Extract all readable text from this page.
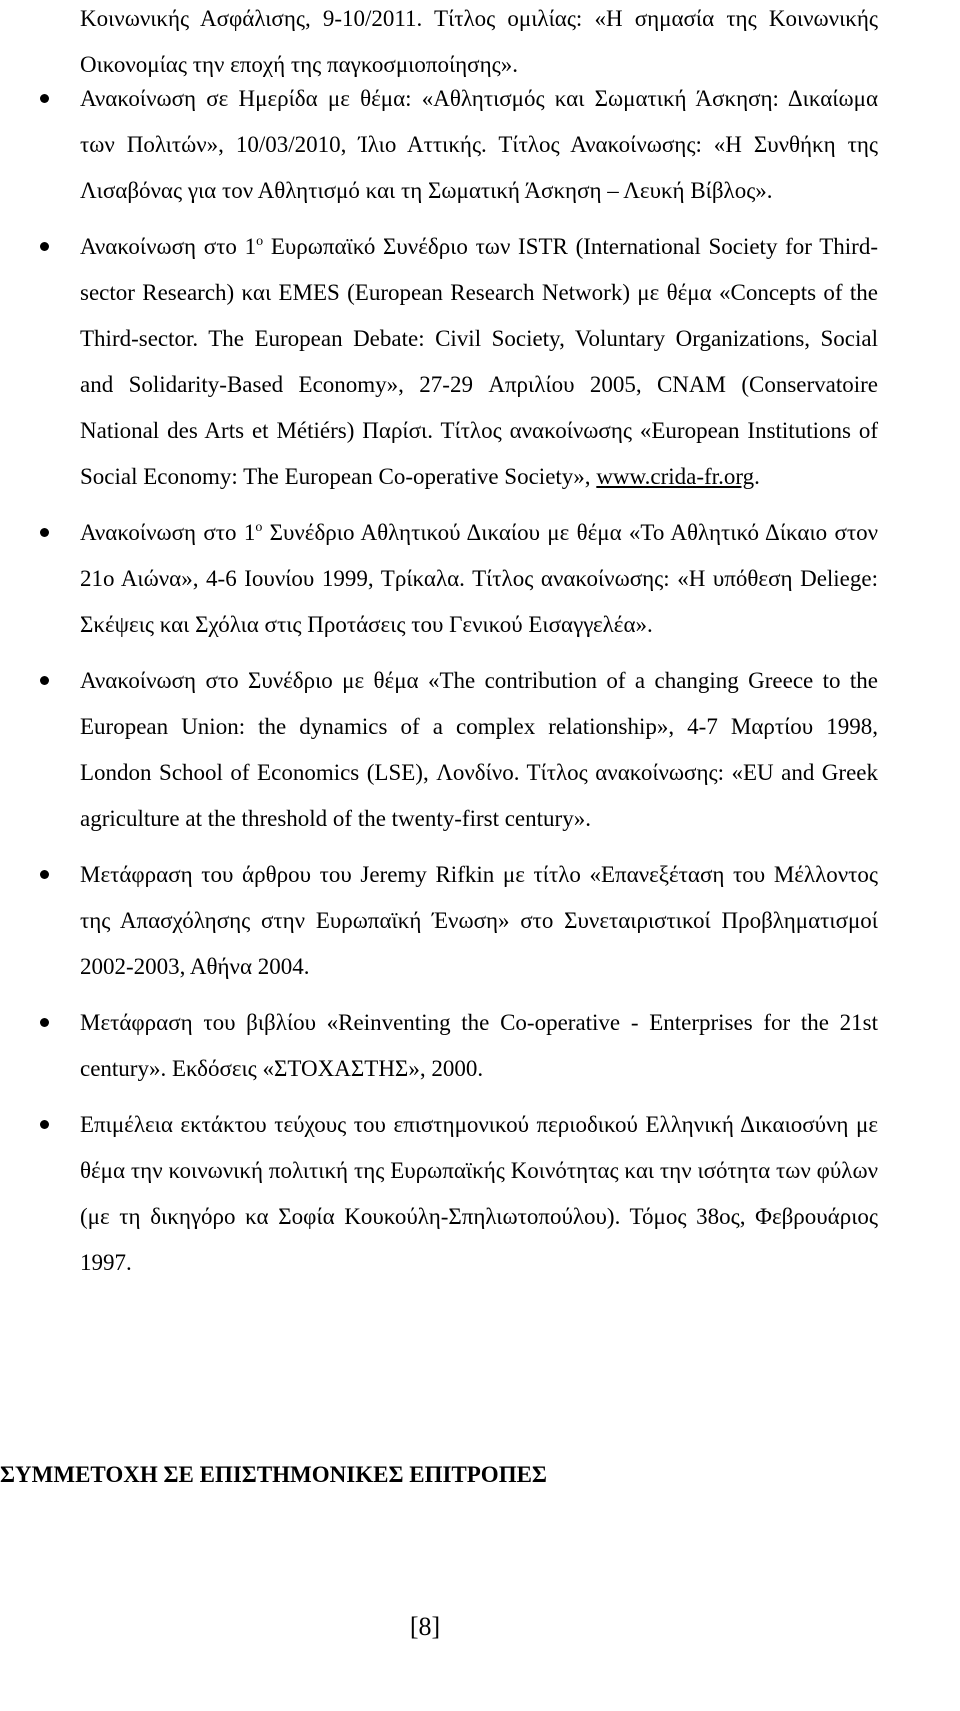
Κοινωνικής Ασφάλισης, 9-10/2011. Τίτλος ομιλίας: «Η σημασία της Κοινωνικής Οικονομίας την εποχή της παγκοσμιοποίησης».

Ανακοίνωση σε Ημερίδα με θέμα: «Αθλητισμός και Σωματική Άσκηση: Δικαίωμα των Πολιτών», 10/03/2010, Ίλιο Αττικής. Τίτλος Ανακοίνωσης: «Η Συνθήκη της Λισαβόνας για τον Αθλητισμό και τη Σωματική Άσκηση – Λευκή Βίβλος».
Ανακοίνωση στο $1^o$ Ευρωπαϊκό Συνέδριο των ISTR (International Society for Third-sector Research) και EMES (European Research Network) με θέμα «Concepts of the Third-sector. The European Debate: Civil Society, Voluntary Organizations, Social and Solidarity-Based Economy», 27-29 Απριλίου 2005, CNAM (Conservatoire National des Arts et Métiérs) Παρίσι. Τίτλος ανακοίνωσης «European Institutions of Social Economy: The European Co-operative Society», www.crida-fr.org.
Ανακοίνωση στο $1^o$ Συνέδριο Αθλητικού Δικαίου με θέμα «Το Αθλητικό Δίκαιο στον 21ο Αιώνα», 4-6 Ιουνίου 1999, Τρίκαλα. Τίτλος ανακοίνωσης: «Η υπόθεση Deliege: Σκέψεις και Σχόλια στις Προτάσεις του Γενικού Εισαγγελέα».
Ανακοίνωση στο Συνέδριο με θέμα «The contribution of a changing Greece to the European Union: the dynamics of a complex relationship», 4-7 Μαρτίου 1998, London School of Economics (LSE), Λονδίνο. Τίτλος ανακοίνωσης: «EU and Greek agriculture at the threshold of the twenty-first century».
Μετάφραση του άρθρου του Jeremy Rifkin με τίτλο «Επανεξέταση του Μέλλοντος της Απασχόλησης στην Ευρωπαϊκή Ένωση» στο Συνεταιριστικοί Προβληματισμοί 2002-2003, Αθήνα 2004.
Μετάφραση του βιβλίου «Reinventing the Co-operative - Enterprises for the 21st century». Εκδόσεις «ΣΤΟΧΑΣΤΗΣ», 2000.
Επιμέλεια εκτάκτου τεύχους του επιστημονικού περιοδικού Ελληνική Δικαιοσύνη με θέμα την κοινωνική πολιτική της Ευρωπαϊκής Κοινότητας και την ισότητα των φύλων (με τη δικηγόρο κα Σοφία Κουκούλη-Σπηλιωτοπούλου). Τόμος 38ος, Φεβρουάριος 1997.
ΣΥΜΜΕΤΟΧΗ ΣΕ ΕΠΙΣΤΗΜΟΝΙΚΕΣ ΕΠΙΤΡΟΠΕΣ

[8]
